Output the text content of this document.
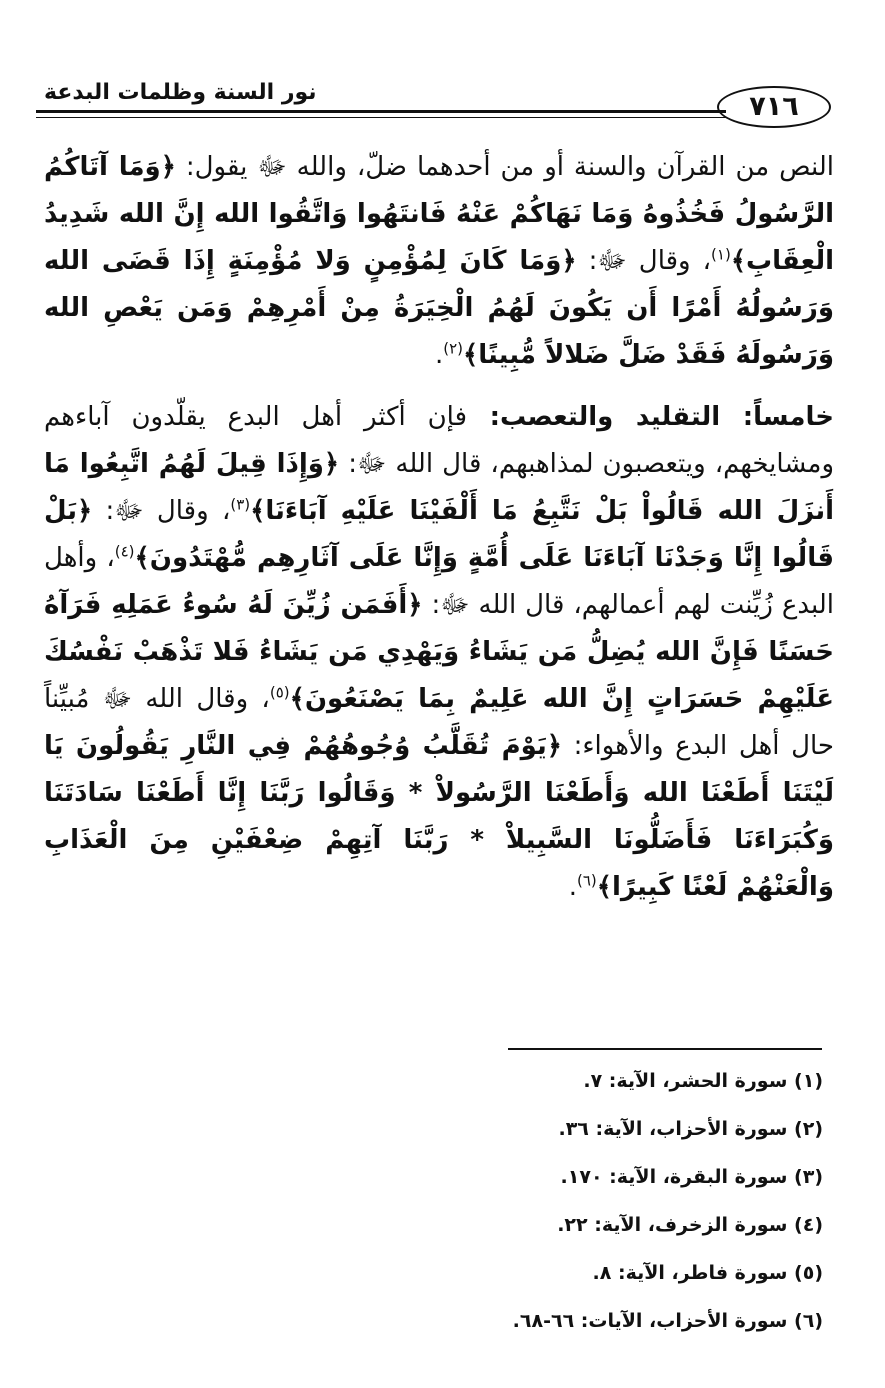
نور السنة وظلمات البدعة	٧١٦

النص من القرآن والسنة أو من أحدهما ضلّ، والله ﷻ يقول: ﴿وَمَا آتَاكُمُ الرَّسُولُ فَخُذُوهُ وَمَا نَهَاكُمْ عَنْهُ فَانتَهُوا وَاتَّقُوا الله إِنَّ الله شَدِيدُ الْعِقَابِ﴾$^{(١)}$، وقال ﷻ: ﴿وَمَا كَانَ لِمُؤْمِنٍ وَلا مُؤْمِنَةٍ إِذَا قَضَى الله وَرَسُولُهُ أَمْرًا أَن يَكُونَ لَهُمُ الْخِيَرَةُ مِنْ أَمْرِهِمْ وَمَن يَعْصِ الله وَرَسُولَهُ فَقَدْ ضَلَّ ضَلالاً مُّبِينًا﴾$^{(٢)}$.

خامساً: التقليد والتعصب: فإن أكثر أهل البدع يقلّدون آباءهم ومشايخهم، ويتعصبون لمذاهبهم، قال الله ﷻ: ﴿وَإِذَا قِيلَ لَهُمُ اتَّبِعُوا مَا أَنزَلَ الله قَالُواْ بَلْ نَتَّبِعُ مَا أَلْفَيْنَا عَلَيْهِ آبَاءَنَا﴾$^{(٣)}$، وقال ﷻ: ﴿بَلْ قَالُوا إِنَّا وَجَدْنَا آبَاءَنَا عَلَى أُمَّةٍ وَإِنَّا عَلَى آثَارِهِم مُّهْتَدُونَ﴾$^{(٤)}$، وأهل البدع زُيِّنت لهم أعمالهم، قال الله ﷻ: ﴿أَفَمَن زُيِّنَ لَهُ سُوءُ عَمَلِهِ فَرَآهُ حَسَنًا فَإِنَّ الله يُضِلُّ مَن يَشَاءُ وَيَهْدِي مَن يَشَاءُ فَلا تَذْهَبْ نَفْسُكَ عَلَيْهِمْ حَسَرَاتٍ إِنَّ الله عَلِيمٌ بِمَا يَصْنَعُونَ﴾$^{(٥)}$، وقال الله ﷻ مُبيِّناً حال أهل البدع والأهواء: ﴿يَوْمَ تُقَلَّبُ وُجُوهُهُمْ فِي النَّارِ يَقُولُونَ يَا لَيْتَنَا أَطَعْنَا الله وَأَطَعْنَا الرَّسُولاْ * وَقَالُوا رَبَّنَا إِنَّا أَطَعْنَا سَادَتَنَا وَكُبَرَاءَنَا فَأَضَلُّونَا السَّبِيلاْ * رَبَّنَا آتِهِمْ ضِعْفَيْنِ مِنَ الْعَذَابِ وَالْعَنْهُمْ لَعْنًا كَبِيرًا﴾$^{(٦)}$.

(١) سورة الحشر، الآية: ٧.
(٢) سورة الأحزاب، الآية: ٣٦.
(٣) سورة البقرة، الآية: ١٧٠.
(٤) سورة الزخرف، الآية: ٢٢.
(٥) سورة فاطر، الآية: ٨.
(٦) سورة الأحزاب، الآيات: ٦٦-٦٨.
